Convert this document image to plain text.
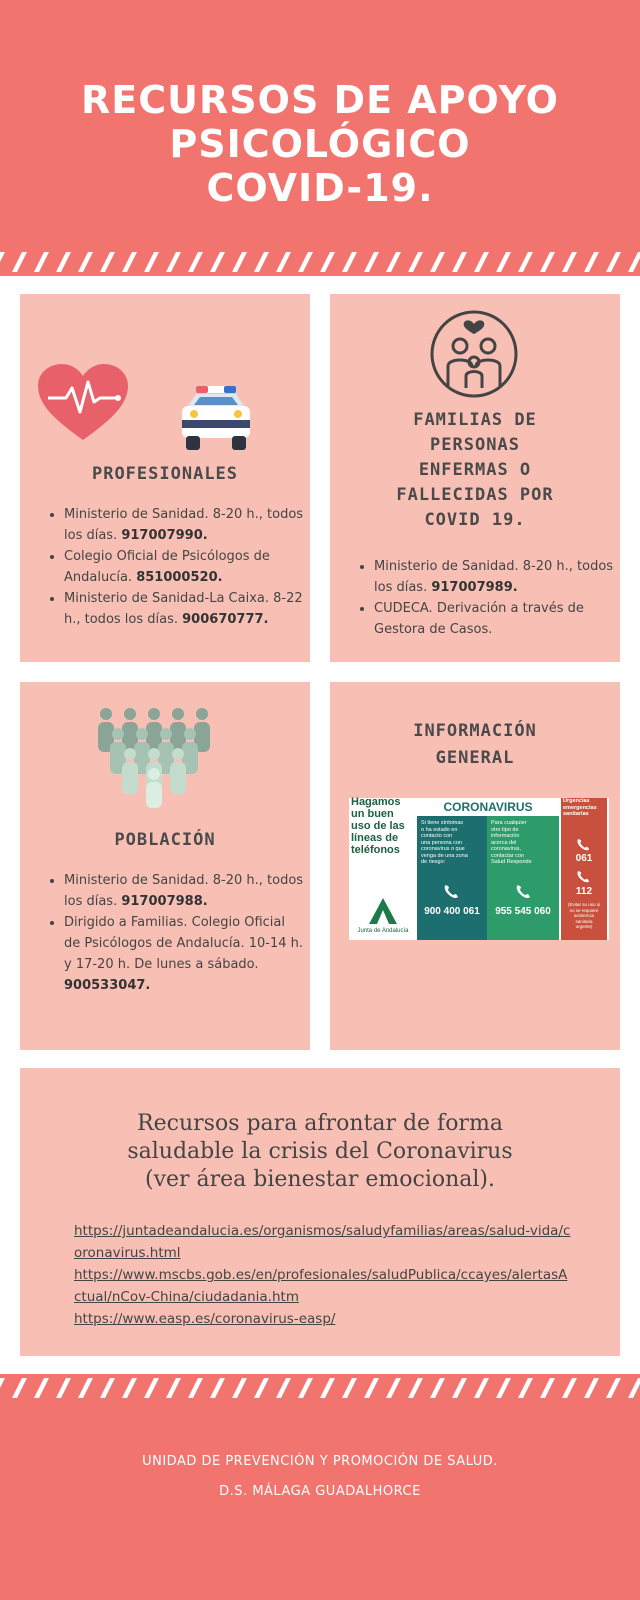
RECURSOS DE APOYO
PSICOLÓGICO
COVID-19.
PROFESIONALES
• Ministerio de Sanidad. 8-20 h., todos los días. 917007990.
• Colegio Oficial de Psicólogos de Andalucía. 851000520.
• Ministerio de Sanidad-La Caixa. 8-22 h., todos los días. 900670777.
FAMILIAS DE
PERSONAS
ENFERMAS O
FALLECIDAS POR
COVID 19.
• Ministerio de Sanidad. 8-20 h., todos los días. 917007989.
• CUDECA. Derivación a través de Gestora de Casos.
POBLACIÓN
• Ministerio de Sanidad. 8-20 h., todos los días. 917007988.
• Dirigido a Familias. Colegio Oficial de Psicólogos de Andalucía. 10-14 h. y 17-20 h. De lunes a sábado. 900533047.
INFORMACIÓN
GENERAL
Hagamos
un buen
uso de las
líneas de
teléfonos
Junta de Andalucía
CORONAVIRUS
Si tiene síntomas
o ha estado en
contacto con
una persona con
coronavirus o que
venga de una zona
de riesgo:
900 400 061
Para cualquier
otro tipo de
información
acerca del
coronavirus,
contactar con
Salud Responde
955 545 060
Urgencias
emergencias
sanitarias
061
112
(Evitar su uso si
no se requiere
asistencia
sanitaria
urgente)
Recursos para afrontar de forma
saludable la crisis del Coronavirus
(ver área bienestar emocional).
https://juntadeandalucia.es/organismos/saludyfamilias/areas/salud-vida/coronavirus.html
https://www.mscbs.gob.es/en/profesionales/saludPublica/ccayes/alertasActual/nCov-China/ciudadania.htm
https://www.easp.es/coronavirus-easp/
UNIDAD DE PREVENCIÓN Y PROMOCIÓN DE SALUD.
D.S. MÁLAGA GUADALHORCE
